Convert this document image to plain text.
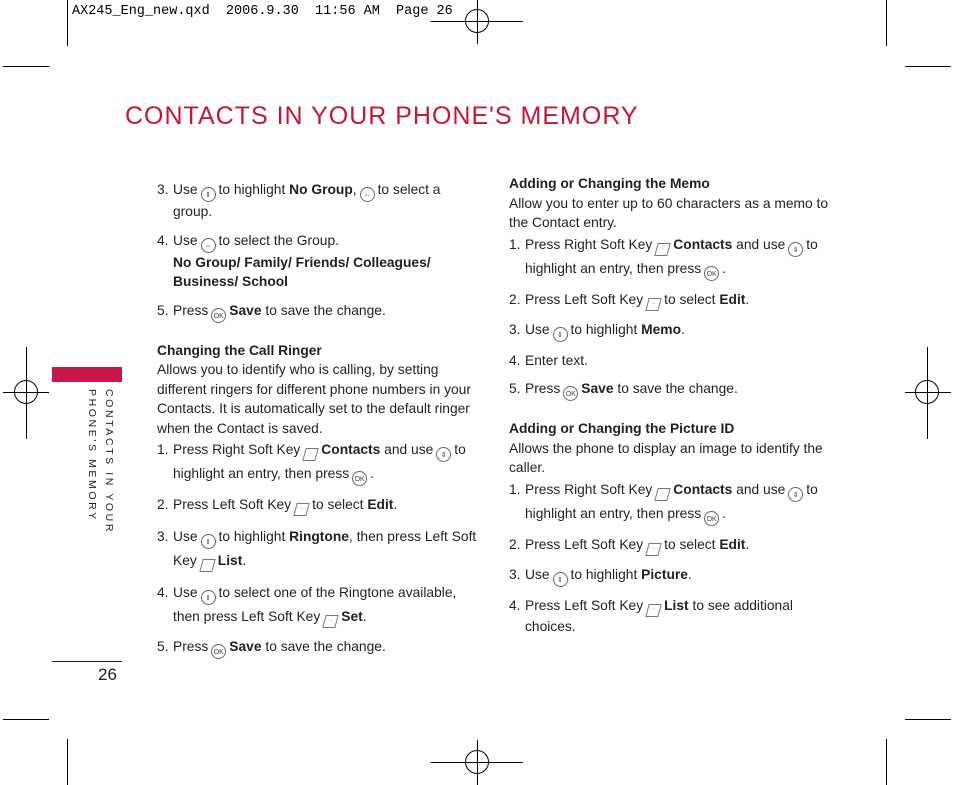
AX245_Eng_new.qxd  2006.9.30  11:56 AM  Page 26
CONTACTS IN YOUR PHONE'S MEMORY
CONTACTS IN YOUR
PHONE'S MEMORY
26
3. Use ⇕ to highlight No Group, ⇔ to select a group.
4. Use ⇔ to select the Group.
No Group/ Family/ Friends/ Colleagues/ Business/ School
5. Press OK Save to save the change.

Changing the Call Ringer

Allows you to identify who is calling, by setting different ringers for different phone numbers in your Contacts. It is automatically set to the default ringer when the Contact is saved.

1. Press Right Soft Key · Contacts and use ⇕ to highlight an entry, then press OK .
2. Press Left Soft Key · to select Edit.
3. Use ⇕ to highlight Ringtone, then press Left Soft Key · List.
4. Use ⇕ to select one of the Ringtone available, then press Left Soft Key · Set.
5. Press OK Save to save the change.

Adding or Changing the Memo

Allow you to enter up to 60 characters as a memo to the Contact entry.

1. Press Right Soft Key · Contacts and use ⇕ to highlight an entry, then press OK .
2. Press Left Soft Key · to select Edit.
3. Use ⇕ to highlight Memo.
4. Enter text.
5. Press OK Save to save the change.

Adding or Changing the Picture ID

Allows the phone to display an image to identify the caller.

1. Press Right Soft Key · Contacts and use ⇕ to highlight an entry, then press OK .
2. Press Left Soft Key · to select Edit.
3. Use ⇕ to highlight Picture.
4. Press Left Soft Key · List to see additional choices.
